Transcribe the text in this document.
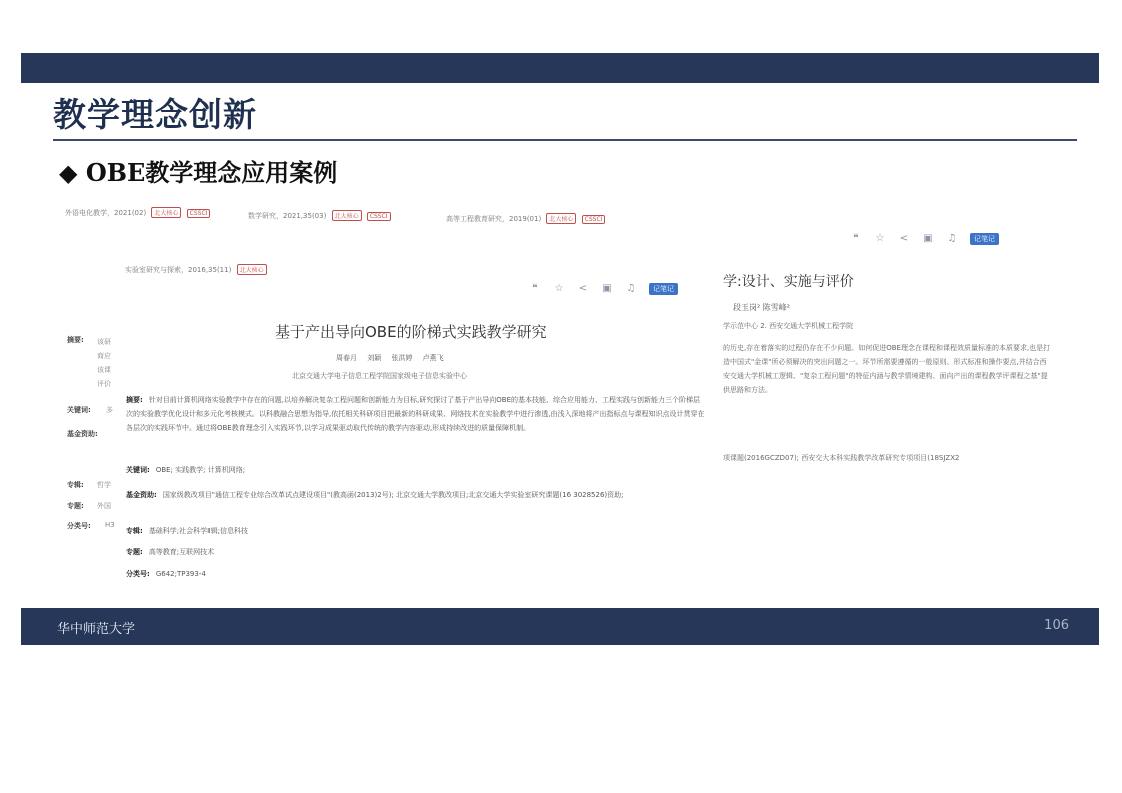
教学理念创新
◆ OBE教学理念应用案例
外语电化教学，2021(02) 北大核心 CSSCI	数学研究，2021,35(03) 北大核心 CSSCI	高等工程教育研究，2019(01) 北大核心 CSSCI
实验室研究与探索，2016,35(11) 北大核心
❝	☆ < ▣ ♫	记笔记
学:设计、实施与评价
段玉岗² 陈雪峰²
学示范中心 2. 西安交通大学机械工程学院
的历史,存在着落实的过程仍存在不少问题。如何促进OBE理念在课程和课程效质量标准的本质要求,也是打造中国式"金课"所必须解决的突出问题之一。环节所需要遵循的一般原则、形式标准和操作要点,并结合西安交通大学机械工逻辑、"复杂工程问题"的特征内涵与教学情境建构、面向产出的课程教学评课程之基"提供思路和方法。
项课题(2016GCZD07); 西安交大本科实践教学改革研究专项项目(18SJZX2
摘要: 该研 商应 该课 评价
关键词: 多
基金资助:
专辑: 哲学
专题: 外国
分类号: H3
❝	☆ < ▣ ♫	记笔记
基于产出导向OBE的阶梯式实践教学研究
周春月 刘颖 张洪婷 卢燕飞
北京交通大学电子信息工程学院国家级电子信息实验中心
摘要: 针对目前计算机网络实验教学中存在的问题,以培养解决复杂工程问题和创新能力为目标,研究探讨了基于产出导向OBE的基本技能、综合应用能力、工程实践与创新能力三个阶梯层次的实验教学优化设计和多元化考核模式。以科教融合思想为指导,依托相关科研项目把最新的科研成果、网络技术在实验教学中进行渗透,由浅入深地将产出指标点与课程知识点设计贯穿在各层次的实践环节中。通过将OBE教育理念引入实践环节,以学习成果驱动取代传统的教学内容驱动,形成持续改进的质量保障机制。
关键词: OBE; 实践教学; 计算机网络;
基金资助: 国家级教改项目"通信工程专业综合改革试点建设项目"(教高函(2013)2号); 北京交通大学教改项目;北京交通大学实验室研究课题(16 3028526)资助;
专辑: 基础科学;社会科学Ⅱ辑;信息科技
专题: 高等教育;互联网技术
分类号: G642;TP393-4
华中师范大学	106
